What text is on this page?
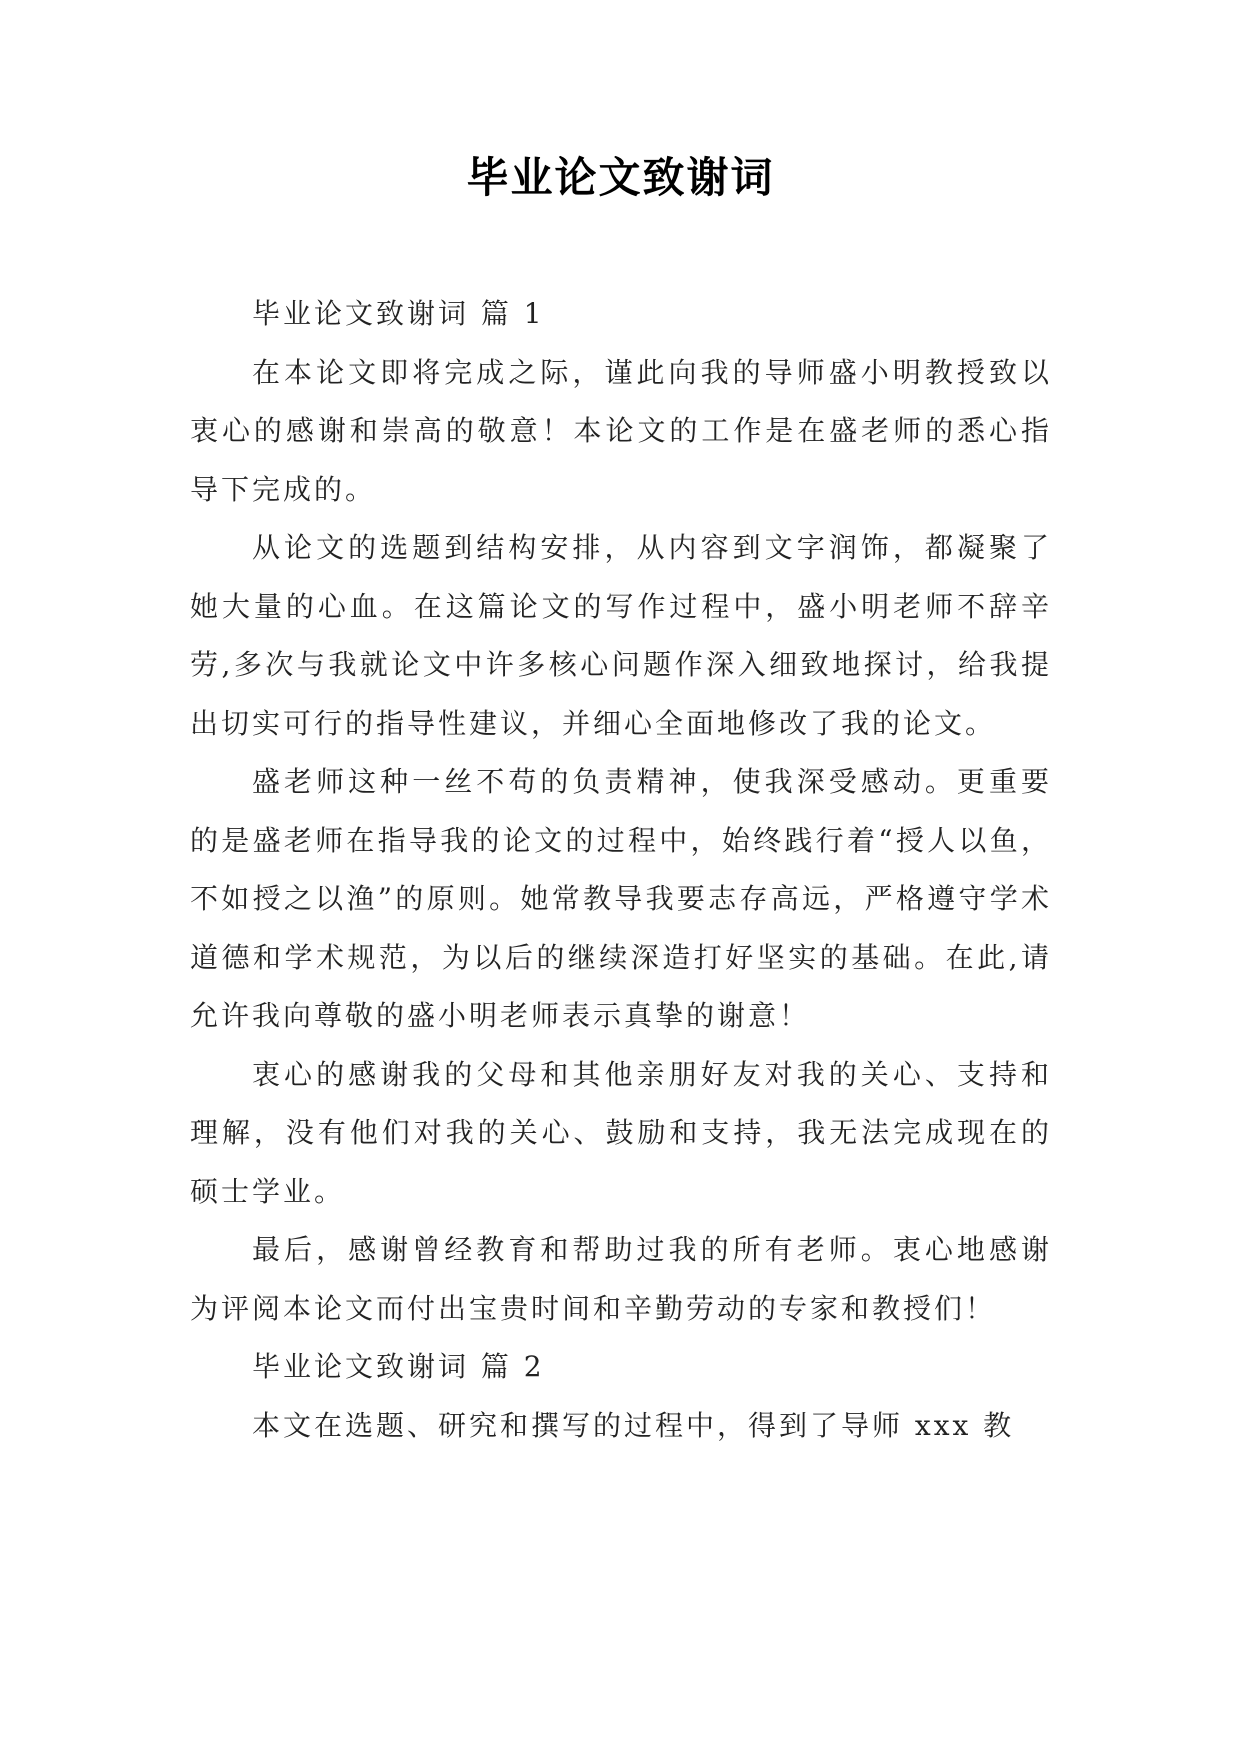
毕业论文致谢词

毕业论文致谢词 篇 1

在本论文即将完成之际，谨此向我的导师盛小明教授致以衷心的感谢和崇高的敬意！本论文的工作是在盛老师的悉心指导下完成的。

从论文的选题到结构安排，从内容到文字润饰，都凝聚了她大量的心血。在这篇论文的写作过程中，盛小明老师不辞辛劳,多次与我就论文中许多核心问题作深入细致地探讨，给我提出切实可行的指导性建议，并细心全面地修改了我的论文。

盛老师这种一丝不苟的负责精神，使我深受感动。更重要的是盛老师在指导我的论文的过程中，始终践行着“授人以鱼，不如授之以渔”的原则。她常教导我要志存高远，严格遵守学术道德和学术规范，为以后的继续深造打好坚实的基础。在此,请允许我向尊敬的盛小明老师表示真挚的谢意！

衷心的感谢我的父母和其他亲朋好友对我的关心、支持和理解，没有他们对我的关心、鼓励和支持，我无法完成现在的硕士学业。

最后，感谢曾经教育和帮助过我的所有老师。衷心地感谢为评阅本论文而付出宝贵时间和辛勤劳动的专家和教授们！

毕业论文致谢词 篇 2

本文在选题、研究和撰写的过程中，得到了导师 xxx 教
